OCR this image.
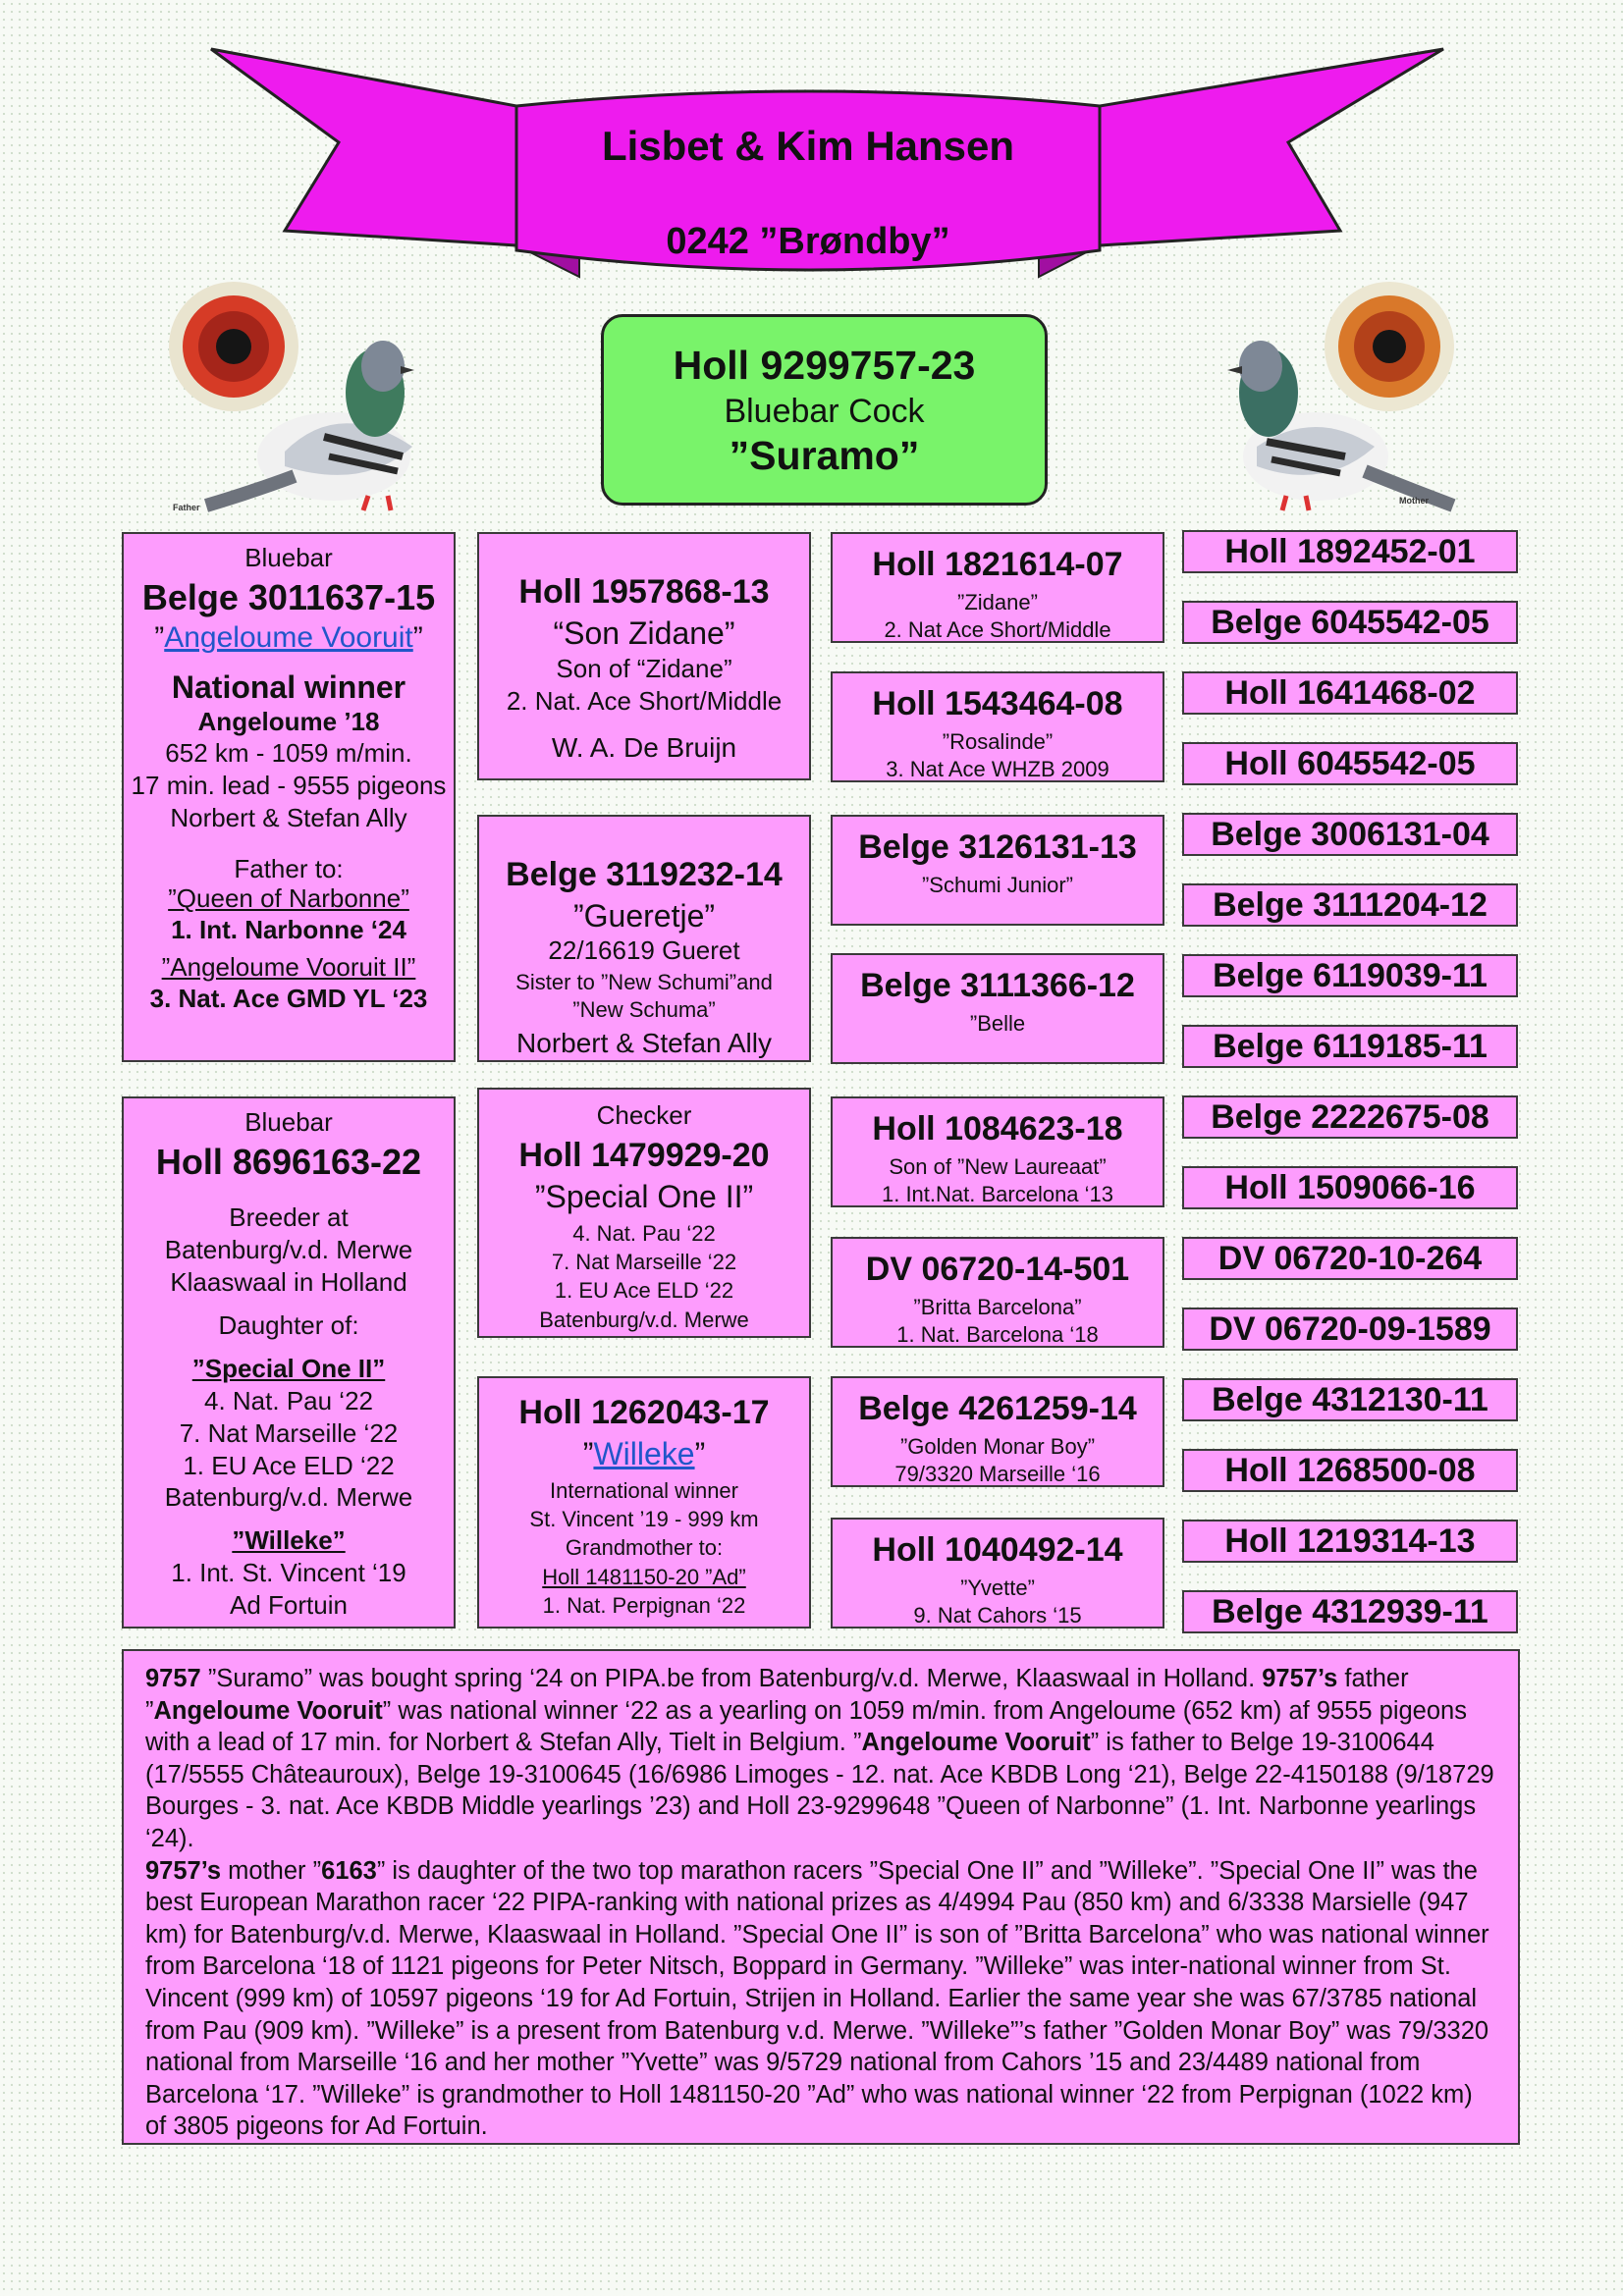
Lisbet & Kim Hansen
0242 ”Brøndby”
Holl 9299757-23
Bluebar Cock
”Suramo”
Father
Mother
Bluebar
Belge 3011637-15
”Angeloume Vooruit”
National winner
Angeloume ’18
652 km - 1059 m/min.
17 min. lead - 9555 pigeons
Norbert & Stefan Ally
Father to:
”Queen of Narbonne”
1. Int. Narbonne ‘24
”Angeloume Vooruit II”
3. Nat. Ace GMD YL ‘23
Bluebar
Holl 8696163-22
Breeder at
Batenburg/v.d. Merwe
Klaaswaal in Holland
Daughter of:
”Special One II”
4. Nat. Pau ‘22
7. Nat Marseille ‘22
1. EU Ace ELD ‘22
Batenburg/v.d. Merwe
”Willeke”
1. Int. St. Vincent ‘19
Ad Fortuin
Holl 1957868-13
“Son Zidane”
Son of “Zidane”
2. Nat. Ace Short/Middle
W. A. De Bruijn
Belge 3119232-14
”Gueretje”
22/16619 Gueret
Sister to ”New Schumi”and
”New Schuma”
Norbert & Stefan Ally
Checker
Holl 1479929-20
”Special One II”
4. Nat. Pau ‘22
7. Nat Marseille ‘22
1. EU Ace ELD ‘22
Batenburg/v.d. Merwe
Holl 1262043-17
”Willeke”
International winner
St. Vincent ’19 - 999 km
Grandmother to:
Holl 1481150-20 ”Ad”
1. Nat. Perpignan ‘22
Holl 1821614-07
”Zidane”
2. Nat Ace Short/Middle
Holl 1543464-08
”Rosalinde”
3. Nat Ace WHZB 2009
Belge 3126131-13
”Schumi Junior”
Belge 3111366-12
”Belle
Holl 1084623-18
Son of ”New Laureaat”
1. Int.Nat. Barcelona ‘13
DV 06720-14-501
”Britta Barcelona”
1. Nat. Barcelona ‘18
Belge 4261259-14
”Golden Monar Boy”
79/3320 Marseille ‘16
Holl 1040492-14
”Yvette”
9. Nat Cahors ‘15
Holl 1892452-01
Belge 6045542-05
Holl 1641468-02
Holl 6045542-05
Belge 3006131-04
Belge 3111204-12
Belge 6119039-11
Belge 6119185-11
Belge 2222675-08
Holl 1509066-16
DV 06720-10-264
DV 06720-09-1589
Belge 4312130-11
Holl 1268500-08
Holl 1219314-13
Belge 4312939-11

9757 ”Suramo” was bought spring ‘24 on PIPA.be from Batenburg/v.d. Merwe, Klaaswaal in Holland. 9757’s father ”Angeloume Vooruit” was national winner ‘22 as a yearling on 1059 m/min. from Angeloume (652 km) af 9555 pigeons with a lead of 17 min. for Norbert & Stefan Ally, Tielt in Belgium. ”Angeloume Vooruit” is father to Belge 19-3100644 (17/5555 Châteauroux), Belge 19-3100645 (16/6986 Limoges - 12. nat. Ace KBDB Long ‘21), Belge 22-4150188 (9/18729 Bourges - 3. nat. Ace KBDB Middle yearlings ’23) and Holl 23-9299648 ”Queen of Narbonne” (1. Int. Narbonne yearlings ‘24).

9757’s mother ”6163” is daughter of the two top marathon racers ”Special One II” and ”Willeke”. ”Special One II” was the best European Marathon racer ‘22 PIPA-ranking with national prizes as 4/4994 Pau (850 km) and 6/3338 Marsielle (947 km) for Batenburg/v.d. Merwe, Klaaswaal in Holland. ”Special One II” is son of ”Britta Barcelona” who was national winner from Barcelona ‘18 of 1121 pigeons for Peter Nitsch, Boppard in Germany. ”Willeke” was inter-national winner from St. Vincent (999 km) of 10597 pigeons ‘19 for Ad Fortuin, Strijen in Holland. Earlier the same year she was 67/3785 national from Pau (909 km). ”Willeke” is a present from Batenburg v.d. Merwe. ”Willeke”’s father ”Golden Monar Boy” was 79/3320 national from Marseille ‘16 and her mother ”Yvette” was 9/5729 national from Cahors ’15 and 23/4489 national from Barcelona ‘17. ”Willeke” is grandmother to Holl 1481150-20 ”Ad” who was national winner ‘22 from Perpignan (1022 km) of 3805 pigeons for Ad Fortuin.
